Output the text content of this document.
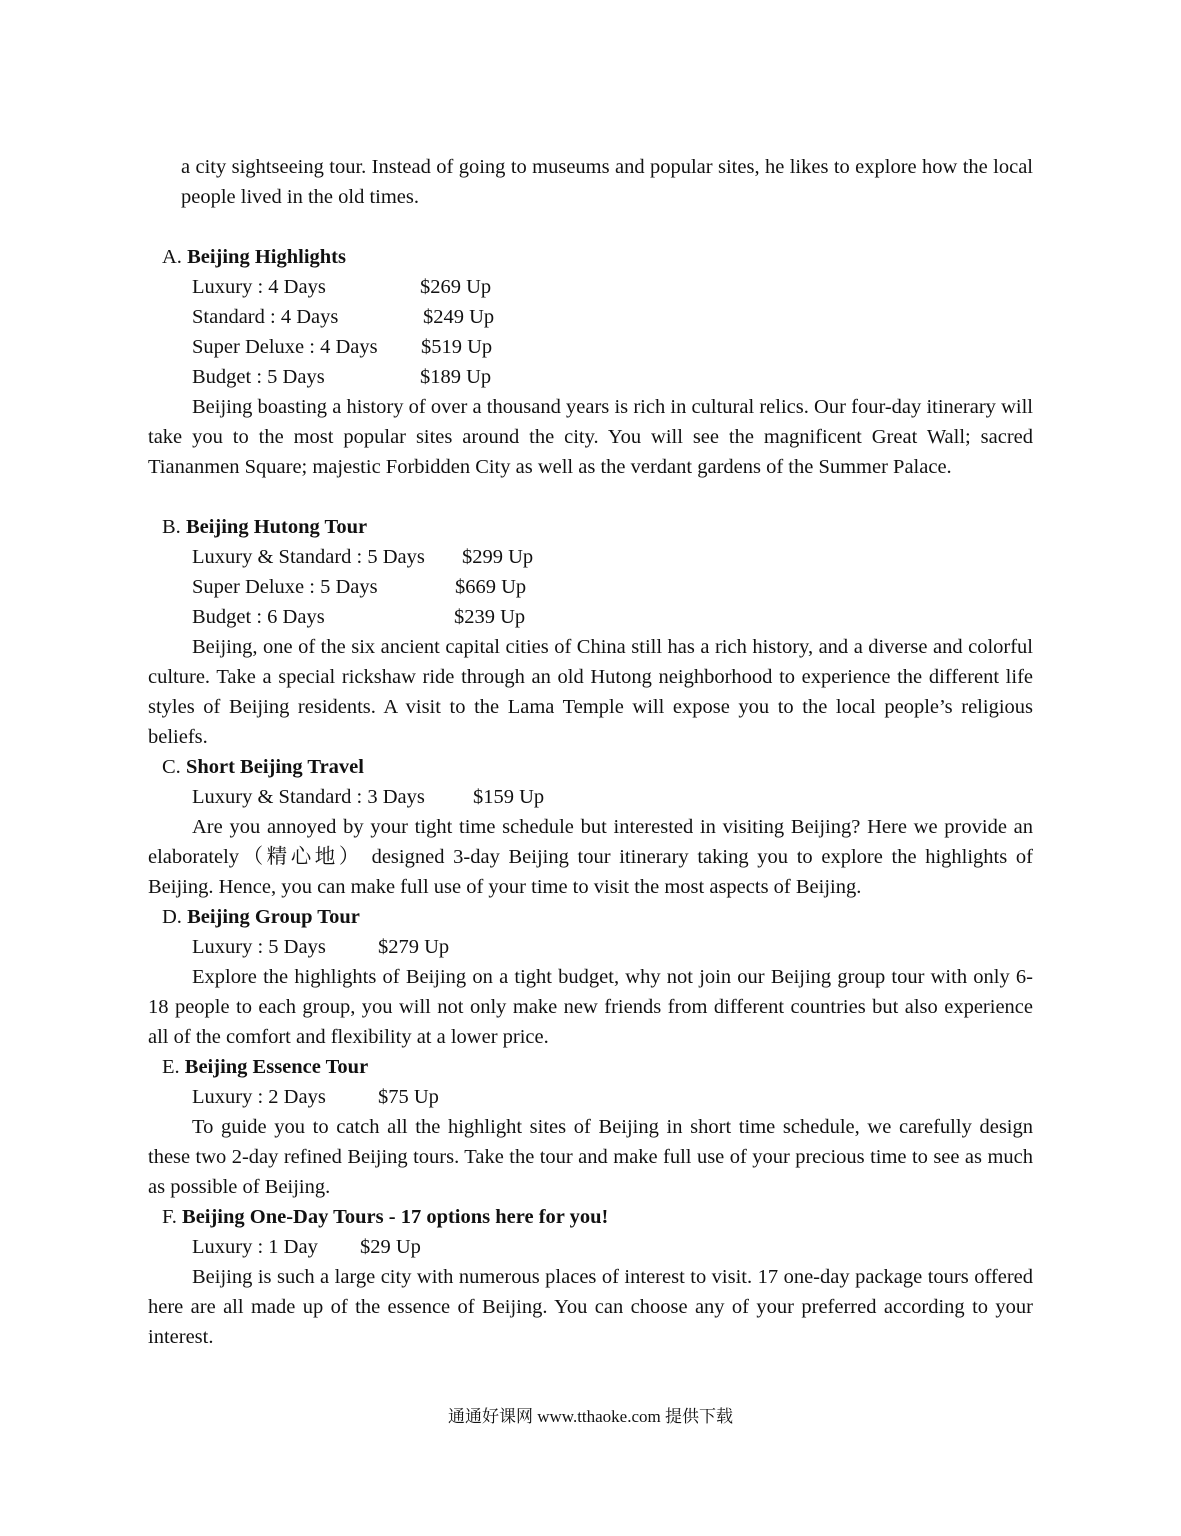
a city sightseeing tour. Instead of going to museums and popular sites, he likes to explore how the local people lived in the old times.

A. Beijing Highlights
Luxury : 4 Days	$269 Up
Standard : 4 Days	$249 Up
Super Deluxe : 4 Days $519 Up
Budget : 5 Days	$189 Up

Beijing boasting a history of over a thousand years is rich in cultural relics. Our four-day itinerary will take you to the most popular sites around the city. You will see the magnificent Great Wall; sacred Tiananmen Square; majestic Forbidden City as well as the verdant gardens of the Summer Palace.

B. Beijing Hutong Tour
Luxury & Standard : 5 Days $299 Up
Super Deluxe : 5 Days	$669 Up
Budget : 6 Days	$239 Up

Beijing, one of the six ancient capital cities of China still has a rich history, and a diverse and colorful culture. Take a special rickshaw ride through an old Hutong neighborhood to experience the different life styles of Beijing residents. A visit to the Lama Temple will expose you to the local people’s religious beliefs.

C. Short Beijing Travel
Luxury & Standard : 3 Days $159 Up

Are you annoyed by your tight time schedule but interested in visiting Beijing? Here we provide an elaborately（精心地） designed 3-day Beijing tour itinerary taking you to explore the highlights of Beijing. Hence, you can make full use of your time to visit the most aspects of Beijing.

D. Beijing Group Tour
Luxury : 5 Days	$279 Up

Explore the highlights of Beijing on a tight budget, why not join our Beijing group tour with only 6-18 people to each group, you will not only make new friends from different countries but also experience all of the comfort and flexibility at a lower price.

E. Beijing Essence Tour
Luxury : 2 Days	$75 Up

To guide you to catch all the highlight sites of Beijing in short time schedule, we carefully design these two 2-day refined Beijing tours. Take the tour and make full use of your precious time to see as much as possible of Beijing.

F. Beijing One-Day Tours - 17 options here for you!
Luxury : 1 Day $29 Up

Beijing is such a large city with numerous places of interest to visit. 17 one-day package tours offered here are all made up of the essence of Beijing. You can choose any of your preferred according to your interest.

通通好课网 www.tthaoke.com 提供下载
